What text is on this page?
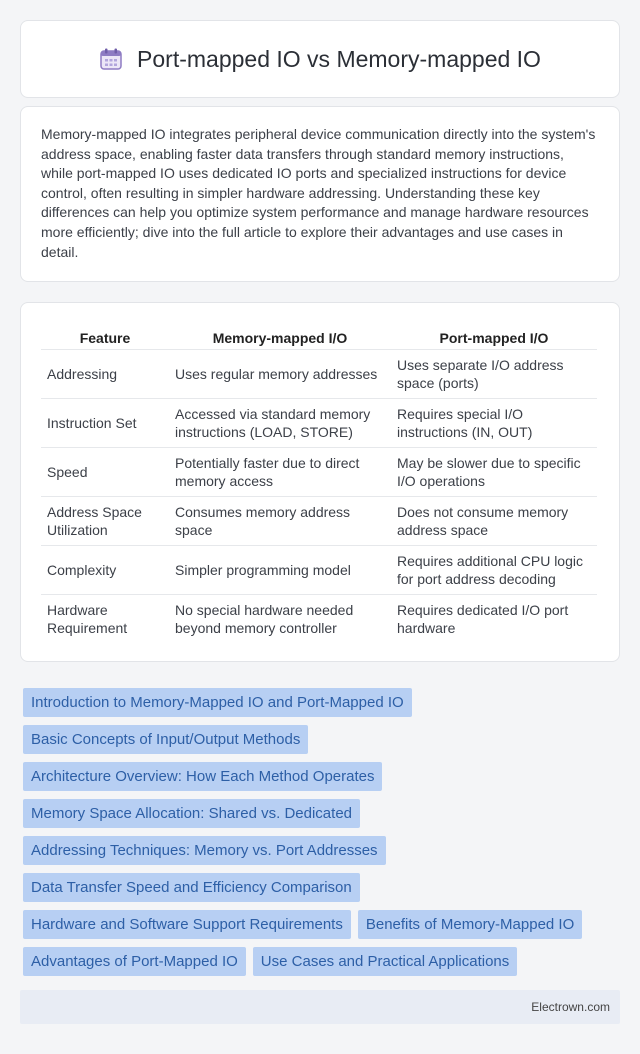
Port-mapped IO vs Memory-mapped IO

Memory-mapped IO integrates peripheral device communication directly into the system's address space, enabling faster data transfers through standard memory instructions, while port-mapped IO uses dedicated IO ports and specialized instructions for device control, often resulting in simpler hardware addressing. Understanding these key differences can help you optimize system performance and manage hardware resources more efficiently; dive into the full article to explore their advantages and use cases in detail.

Feature	Memory-mapped I/O	Port-mapped I/O
Addressing	Uses regular memory addresses	Uses separate I/O address space (ports)
Instruction Set	Accessed via standard memory instructions (LOAD, STORE)	Requires special I/O instructions (IN, OUT)
Speed	Potentially faster due to direct memory access	May be slower due to specific I/O operations
Address Space Utilization	Consumes memory address space	Does not consume memory address space
Complexity	Simpler programming model	Requires additional CPU logic for port address decoding
Hardware Requirement	No special hardware needed beyond memory controller	Requires dedicated I/O port hardware
Introduction to Memory-Mapped IO and Port-Mapped IO
Basic Concepts of Input/Output Methods
Architecture Overview: How Each Method Operates
Memory Space Allocation: Shared vs. Dedicated
Addressing Techniques: Memory vs. Port Addresses
Data Transfer Speed and Efficiency Comparison
Hardware and Software Support Requirements	Benefits of Memory-Mapped IO
Advantages of Port-Mapped IO	Use Cases and Practical Applications
Electrown.com
